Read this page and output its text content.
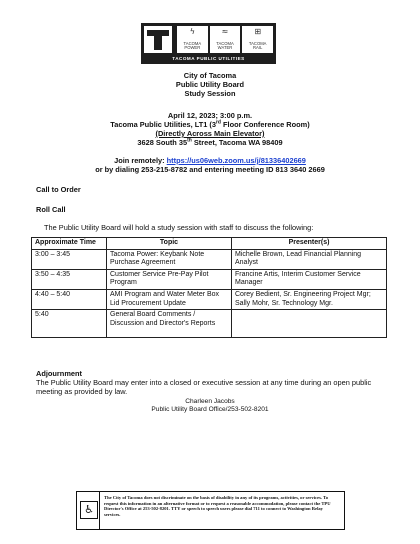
ϟ
TACOMA
POWER
≈
TACOMA
WATER
⊞
TACOMA
RAIL
TACOMA PUBLIC UTILITIES
City of Tacoma
Public Utility Board
Study Session
April 12, 2023; 3:00 p.m.
Tacoma Public Utilities, LT1 (3rd Floor Conference Room)
(Directly Across Main Elevator)
3628 South 35th Street, Tacoma WA 98409
Join remotely: https://us06web.zoom.us/j/81336402669
or by dialing 253-215-8782 and entering meeting ID 813 3640 2669
Call to Order
Roll Call
The Public Utility Board will hold a study session with staff to discuss the following:
Approximate Time	Topic	Presenter(s)
3:00 – 3:45	Tacoma Power: Keybank Note Purchase Agreement	Michelle Brown, Lead Financial Planning Analyst
3:50 – 4:35	Customer Service Pre-Pay Pilot Program	Francine Artis, Interim Customer Service Manager
4:40 – 5:40	AMI Program and Water Meter Box Lid Procurement Update	Corey Bedient, Sr. Engineering Project Mgr; Sally Mohr, Sr. Technology Mgr.
5:40	General Board Comments / Discussion and Director's Reports	
Adjournment
The Public Utility Board may enter into a closed or executive session at any time during an open public meeting as provided by law.
Charleen Jacobs
Public Utility Board Office/253-502-8201
♿
The City of Tacoma does not discriminate on the basis of disability in any of its programs, activities, or services. To request this information in an alternative format or to request a reasonable accommodation, please contact the TPU Director's Office at 253-502-8201. TTY or speech to speech users please dial 711 to connect to Washington Relay services.
